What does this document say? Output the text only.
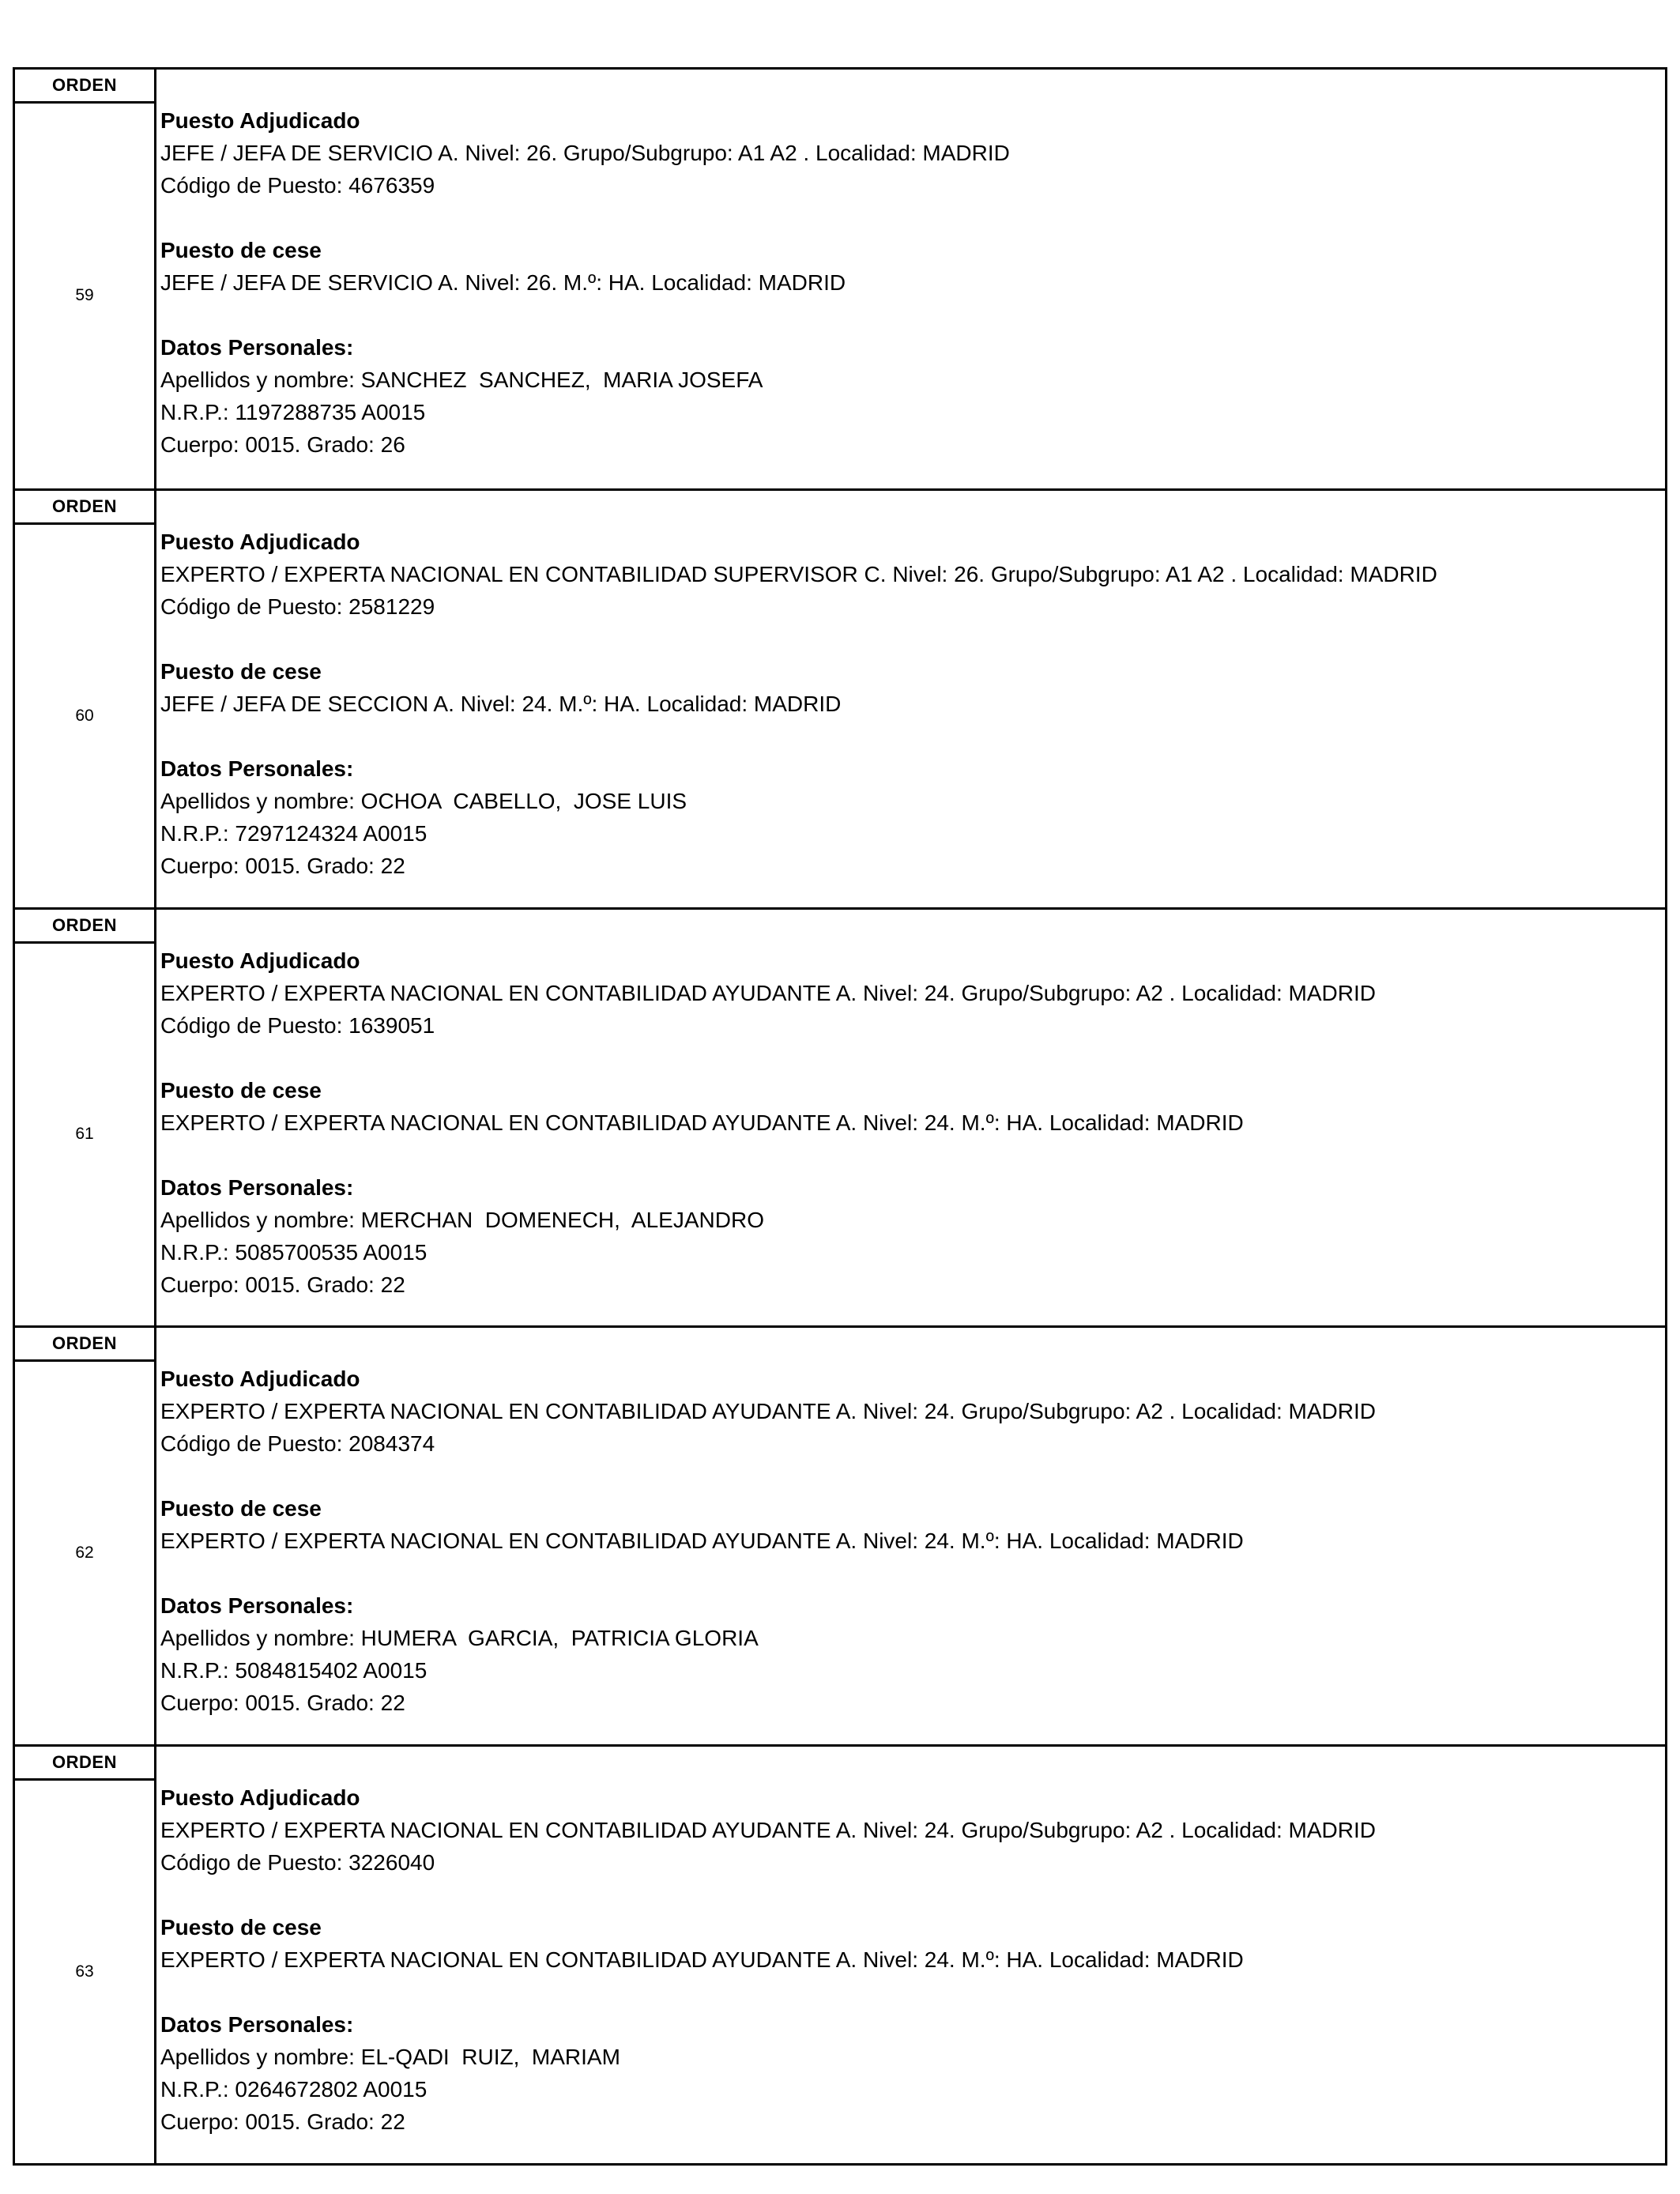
ORDEN
59
Puesto Adjudicado
JEFE / JEFA DE SERVICIO A. Nivel: 26. Grupo/Subgrupo: A1 A2 . Localidad: MADRID
Código de Puesto: 4676359
Puesto de cese
JEFE / JEFA DE SERVICIO A. Nivel: 26. M.º: HA. Localidad: MADRID
Datos Personales:
Apellidos y nombre: SANCHEZ  SANCHEZ,  MARIA JOSEFA
N.R.P.: 1197288735 A0015
Cuerpo: 0015. Grado: 26
ORDEN
60
Puesto Adjudicado
EXPERTO / EXPERTA NACIONAL EN CONTABILIDAD SUPERVISOR C. Nivel: 26. Grupo/Subgrupo: A1 A2 . Localidad: MADRID
Código de Puesto: 2581229
Puesto de cese
JEFE / JEFA DE SECCION A. Nivel: 24. M.º: HA. Localidad: MADRID
Datos Personales:
Apellidos y nombre: OCHOA  CABELLO,  JOSE LUIS
N.R.P.: 7297124324 A0015
Cuerpo: 0015. Grado: 22
ORDEN
61
Puesto Adjudicado
EXPERTO / EXPERTA NACIONAL EN CONTABILIDAD AYUDANTE A. Nivel: 24. Grupo/Subgrupo: A2 . Localidad: MADRID
Código de Puesto: 1639051
Puesto de cese
EXPERTO / EXPERTA NACIONAL EN CONTABILIDAD AYUDANTE A. Nivel: 24. M.º: HA. Localidad: MADRID
Datos Personales:
Apellidos y nombre: MERCHAN  DOMENECH,  ALEJANDRO
N.R.P.: 5085700535 A0015
Cuerpo: 0015. Grado: 22
ORDEN
62
Puesto Adjudicado
EXPERTO / EXPERTA NACIONAL EN CONTABILIDAD AYUDANTE A. Nivel: 24. Grupo/Subgrupo: A2 . Localidad: MADRID
Código de Puesto: 2084374
Puesto de cese
EXPERTO / EXPERTA NACIONAL EN CONTABILIDAD AYUDANTE A. Nivel: 24. M.º: HA. Localidad: MADRID
Datos Personales:
Apellidos y nombre: HUMERA  GARCIA,  PATRICIA GLORIA
N.R.P.: 5084815402 A0015
Cuerpo: 0015. Grado: 22
ORDEN
63
Puesto Adjudicado
EXPERTO / EXPERTA NACIONAL EN CONTABILIDAD AYUDANTE A. Nivel: 24. Grupo/Subgrupo: A2 . Localidad: MADRID
Código de Puesto: 3226040
Puesto de cese
EXPERTO / EXPERTA NACIONAL EN CONTABILIDAD AYUDANTE A. Nivel: 24. M.º: HA. Localidad: MADRID
Datos Personales:
Apellidos y nombre: EL-QADI  RUIZ,  MARIAM
N.R.P.: 0264672802 A0015
Cuerpo: 0015. Grado: 22
